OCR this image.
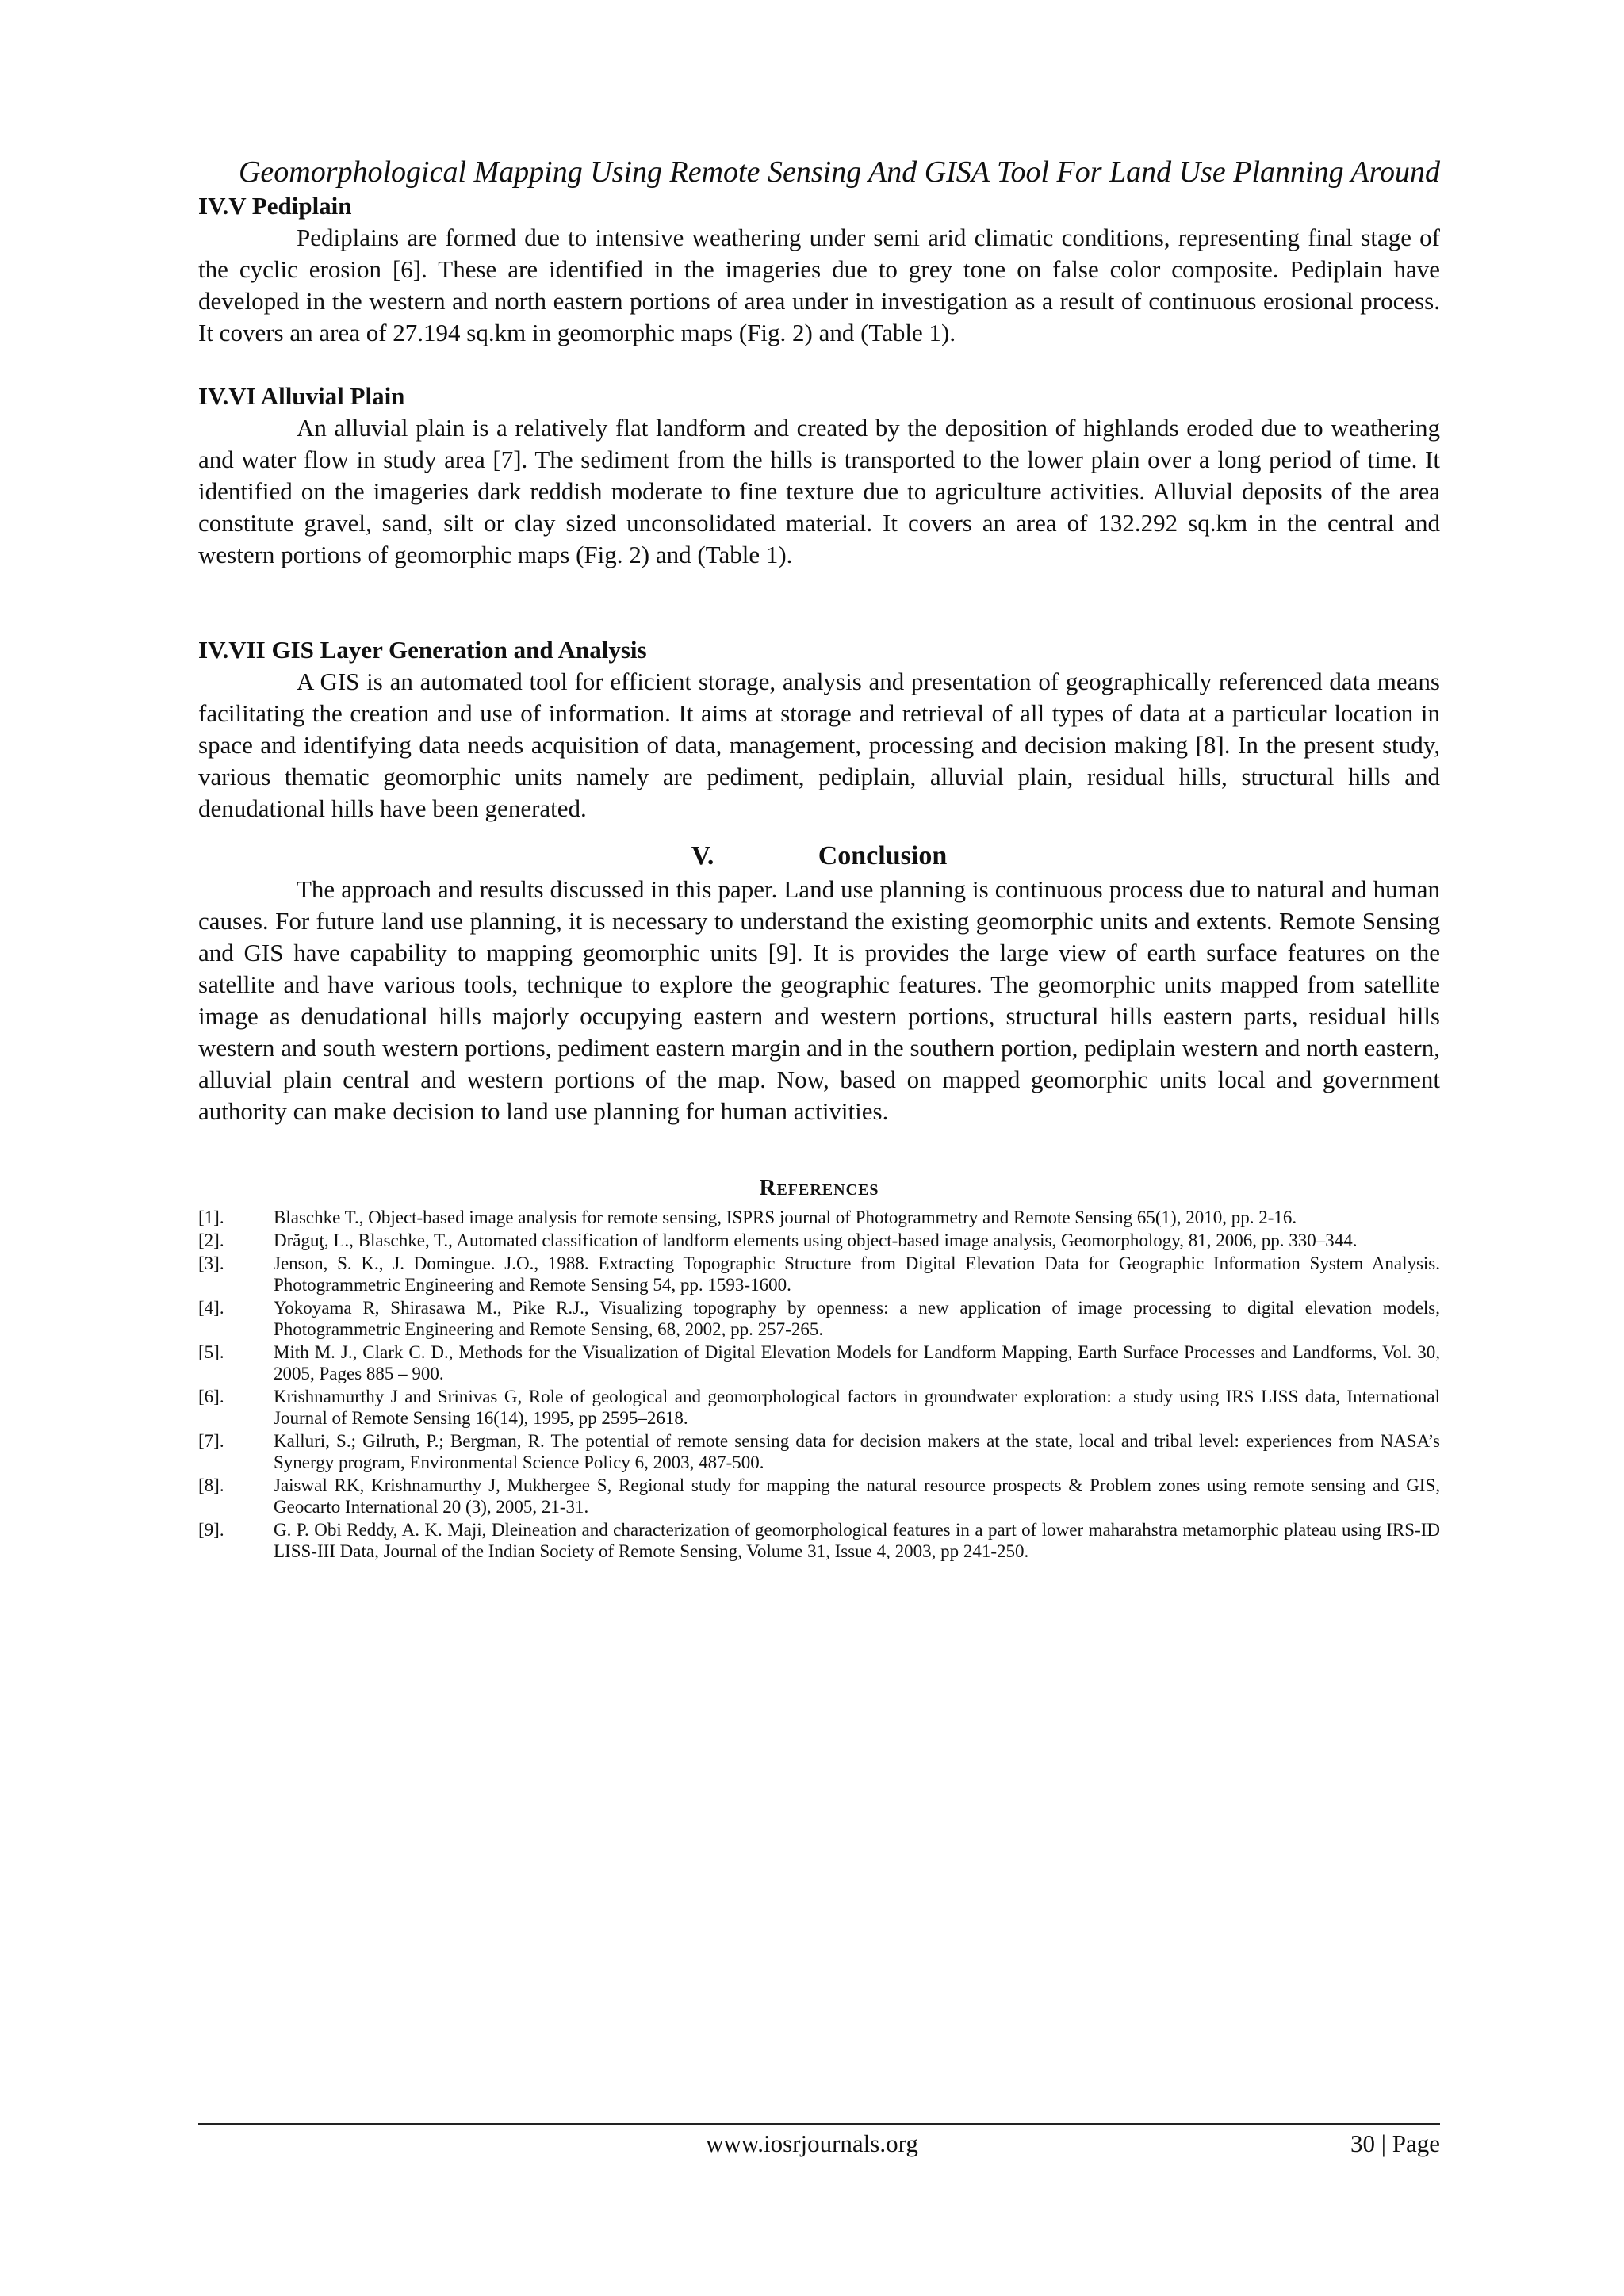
Geomorphological Mapping Using Remote Sensing And GISA Tool For Land Use Planning Around
IV.V Pediplain

Pediplains are formed due to intensive weathering under semi arid climatic conditions, representing final stage of the cyclic erosion [6]. These are identified in the imageries due to grey tone on false color composite. Pediplain have developed in the western and north eastern portions of area under in investigation as a result of continuous erosional process. It covers an area of 27.194 sq.km in geomorphic maps (Fig. 2) and (Table 1).

IV.VI Alluvial Plain

An alluvial plain is a relatively flat landform and created by the deposition of highlands eroded due to weathering and water flow in study area [7]. The sediment from the hills is transported to the lower plain over a long period of time. It identified on the imageries dark reddish moderate to fine texture due to agriculture activities. Alluvial deposits of the area constitute gravel, sand, silt or clay sized unconsolidated material. It covers an area of 132.292 sq.km in the central and western portions of geomorphic maps (Fig. 2) and (Table 1).

IV.VII GIS Layer Generation and Analysis

A GIS is an automated tool for efficient storage, analysis and presentation of geographically referenced data means facilitating the creation and use of information. It aims at storage and retrieval of all types of data at a particular location in space and identifying data needs acquisition of data, management, processing and decision making [8]. In the present study, various thematic geomorphic units namely are pediment, pediplain, alluvial plain, residual hills, structural hills and denudational hills have been generated.

V.	Conclusion

The approach and results discussed in this paper. Land use planning is continuous process due to natural and human causes. For future land use planning, it is necessary to understand the existing geomorphic units and extents. Remote Sensing and GIS have capability to mapping geomorphic units [9]. It is provides the large view of earth surface features on the satellite and have various tools, technique to explore the geographic features. The geomorphic units mapped from satellite image as denudational hills majorly occupying eastern and western portions, structural hills eastern parts, residual hills western and south western portions, pediment eastern margin and in the southern portion, pediplain western and north eastern, alluvial plain central and western portions of the map. Now, based on mapped geomorphic units local and government authority can make decision to land use planning for human activities.

References
[1].	Blaschke T., Object-based image analysis for remote sensing, ISPRS journal of Photogrammetry and Remote Sensing 65(1), 2010, pp. 2-16.
[2].	Drăguţ, L., Blaschke, T., Automated classification of landform elements using object-based image analysis, Geomorphology, 81, 2006, pp. 330–344.
[3].	Jenson, S. K., J. Domingue. J.O., 1988. Extracting Topographic Structure from Digital Elevation Data for Geographic Information System Analysis. Photogrammetric Engineering and Remote Sensing 54, pp. 1593-1600.
[4].	Yokoyama R, Shirasawa M., Pike R.J., Visualizing topography by openness: a new application of image processing to digital elevation models, Photogrammetric Engineering and Remote Sensing, 68, 2002, pp. 257-265.
[5].	Mith M. J., Clark C. D., Methods for the Visualization of Digital Elevation Models for Landform Mapping, Earth Surface Processes and Landforms, Vol. 30, 2005, Pages 885 – 900.
[6].	Krishnamurthy J and Srinivas G, Role of geological and geomorphological factors in groundwater exploration: a study using IRS LISS data, International Journal of Remote Sensing 16(14), 1995, pp 2595–2618.
[7].	Kalluri, S.; Gilruth, P.; Bergman, R. The potential of remote sensing data for decision makers at the state, local and tribal level: experiences from NASA’s Synergy program, Environmental Science Policy 6, 2003, 487-500.
[8].	Jaiswal RK, Krishnamurthy J, Mukhergee S, Regional study for mapping the natural resource prospects & Problem zones using remote sensing and GIS, Geocarto International 20 (3), 2005, 21-31.
[9].	G. P. Obi Reddy, A. K. Maji, Dleineation and characterization of geomorphological features in a part of lower maharahstra metamorphic plateau using IRS-ID LISS-III Data, Journal of the Indian Society of Remote Sensing, Volume 31, Issue 4, 2003, pp 241-250.
www.iosrjournals.org	30 | Page
